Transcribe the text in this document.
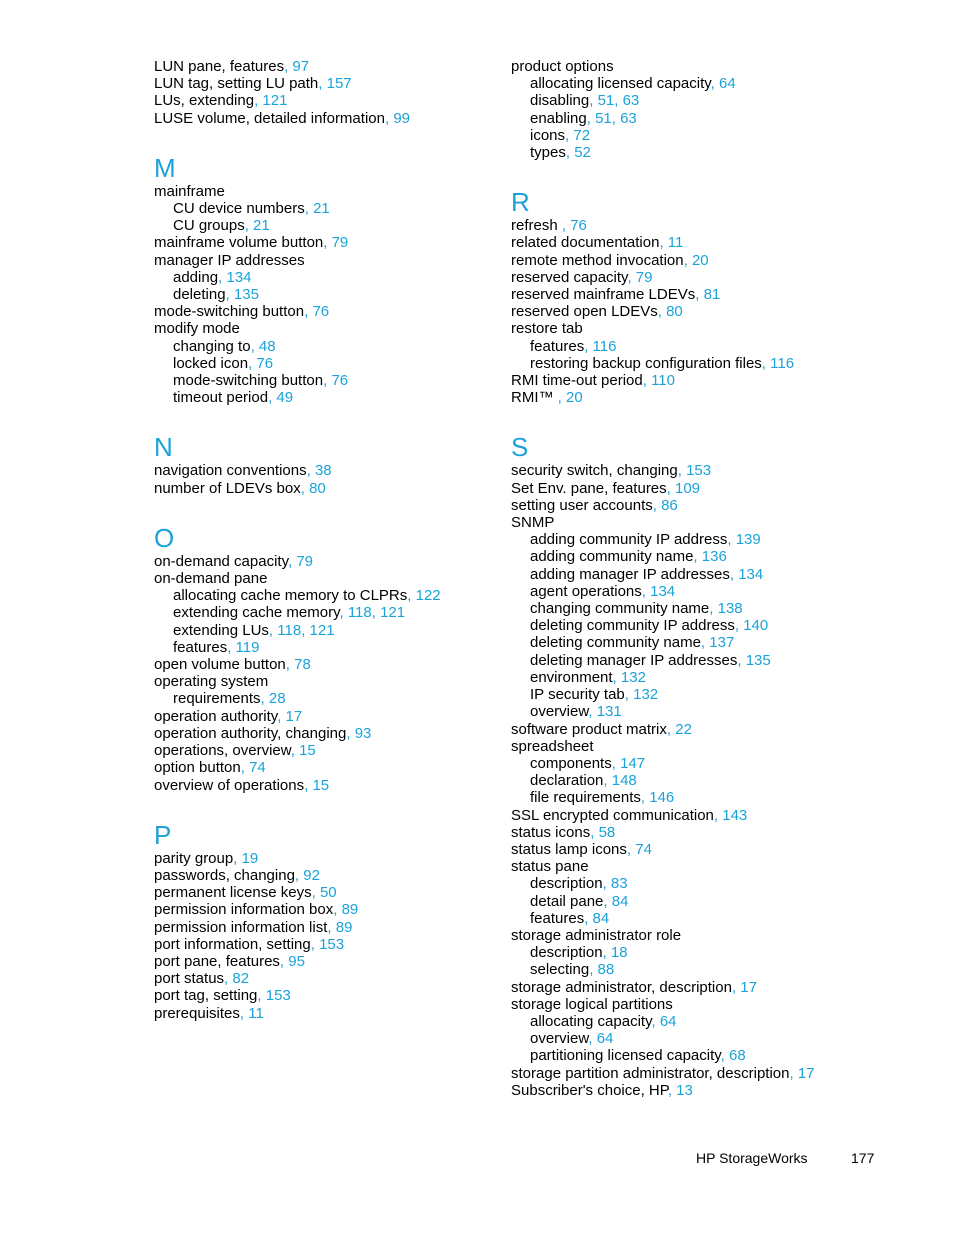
LUN pane, features, 97
LUN tag, setting LU path, 157
LUs, extending, 121
LUSE volume, detailed information, 99
M
mainframe
CU device numbers, 21
CU groups, 21
mainframe volume button, 79
manager IP addresses
adding, 134
deleting, 135
mode-switching button, 76
modify mode
changing to, 48
locked icon, 76
mode-switching button, 76
timeout period, 49
N
navigation conventions, 38
number of LDEVs box, 80
O
on-demand capacity, 79
on-demand pane
allocating cache memory to CLPRs, 122
extending cache memory, 118, 121
extending LUs, 118, 121
features, 119
open volume button, 78
operating system
requirements, 28
operation authority, 17
operation authority, changing, 93
operations, overview, 15
option button, 74
overview of operations, 15
P
parity group, 19
passwords, changing, 92
permanent license keys, 50
permission information box, 89
permission information list, 89
port information, setting, 153
port pane, features, 95
port status, 82
port tag, setting, 153
prerequisites, 11
product options
allocating licensed capacity, 64
disabling, 51, 63
enabling, 51, 63
icons, 72
types, 52
R
refresh , 76
related documentation, 11
remote method invocation, 20
reserved capacity, 79
reserved mainframe LDEVs, 81
reserved open LDEVs, 80
restore tab
features, 116
restoring backup configuration files, 116
RMI time-out period, 110
RMI™ , 20
S
security switch, changing, 153
Set Env. pane, features, 109
setting user accounts, 86
SNMP
adding community IP address, 139
adding community name, 136
adding manager IP addresses, 134
agent operations, 134
changing community name, 138
deleting community IP address, 140
deleting community name, 137
deleting manager IP addresses, 135
environment, 132
IP security tab, 132
overview, 131
software product matrix, 22
spreadsheet
components, 147
declaration, 148
file requirements, 146
SSL encrypted communication, 143
status icons, 58
status lamp icons, 74
status pane
description, 83
detail pane, 84
features, 84
storage administrator role
description, 18
selecting, 88
storage administrator, description, 17
storage logical partitions
allocating capacity, 64
overview, 64
partitioning licensed capacity, 68
storage partition administrator, description, 17
Subscriber's choice, HP, 13
HP StorageWorks	177
